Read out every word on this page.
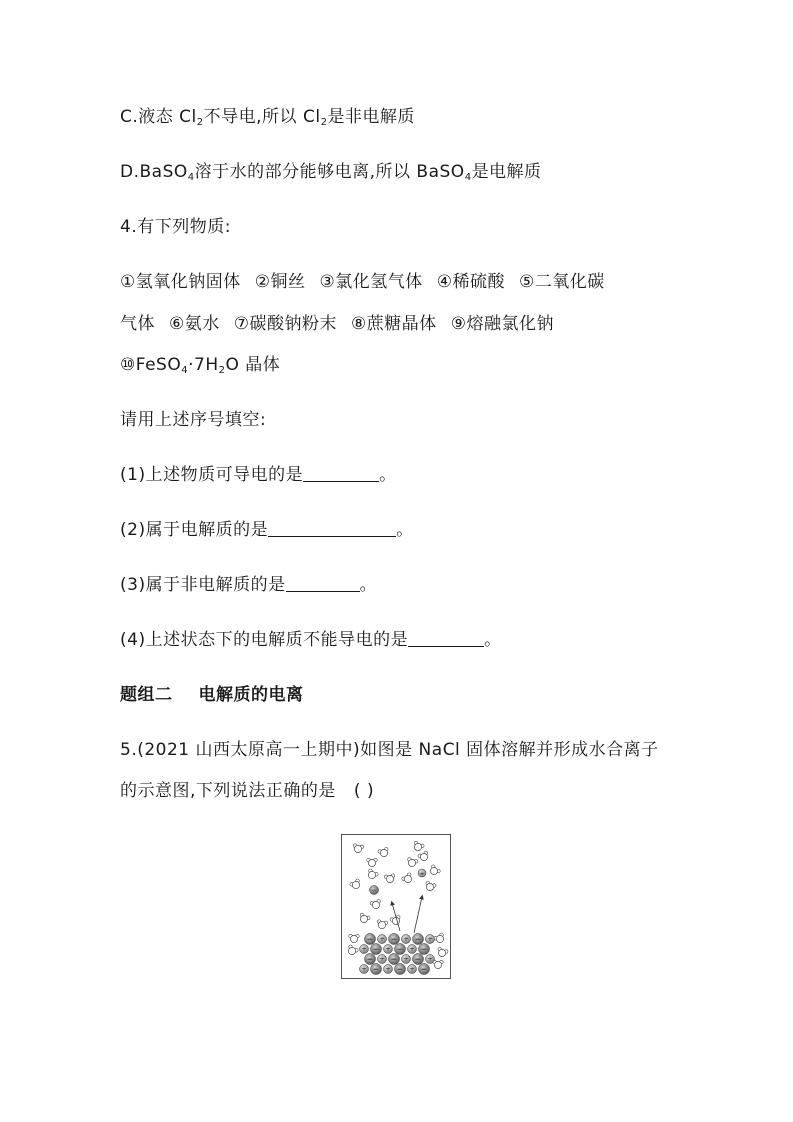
C.液态 $Cl_2$不导电,所以 $Cl_2$是非电解质
D.BaSO$_4$溶于水的部分能够电离,所以 BaSO$_4$是电解质
4.有下列物质:
①氢氧化钠固体 ②铜丝 ③氯化氢气体 ④稀硫酸 ⑤二氧化碳
气体 ⑥氨水 ⑦碳酸钠粉末 ⑧蔗糖晶体 ⑨熔融氯化钠
$⑩FeSO_4\cdot 7H_2O$ 晶体
请用上述序号填空:
(1)上述物质可导电的是	。
(2)属于电解质的是	。
(3)属于非电解质的是	。
(4)上述状态下的电解质不能导电的是	。
题组二 电解质的电离
5.(2021 山西太原高一上期中)如图是 NaCl 固体溶解并形成水合离子
的示意图,下列说法正确的是 ( )
−
+
− + − + − +
+ − + − + −
− + − + − +
+ − + − + −
